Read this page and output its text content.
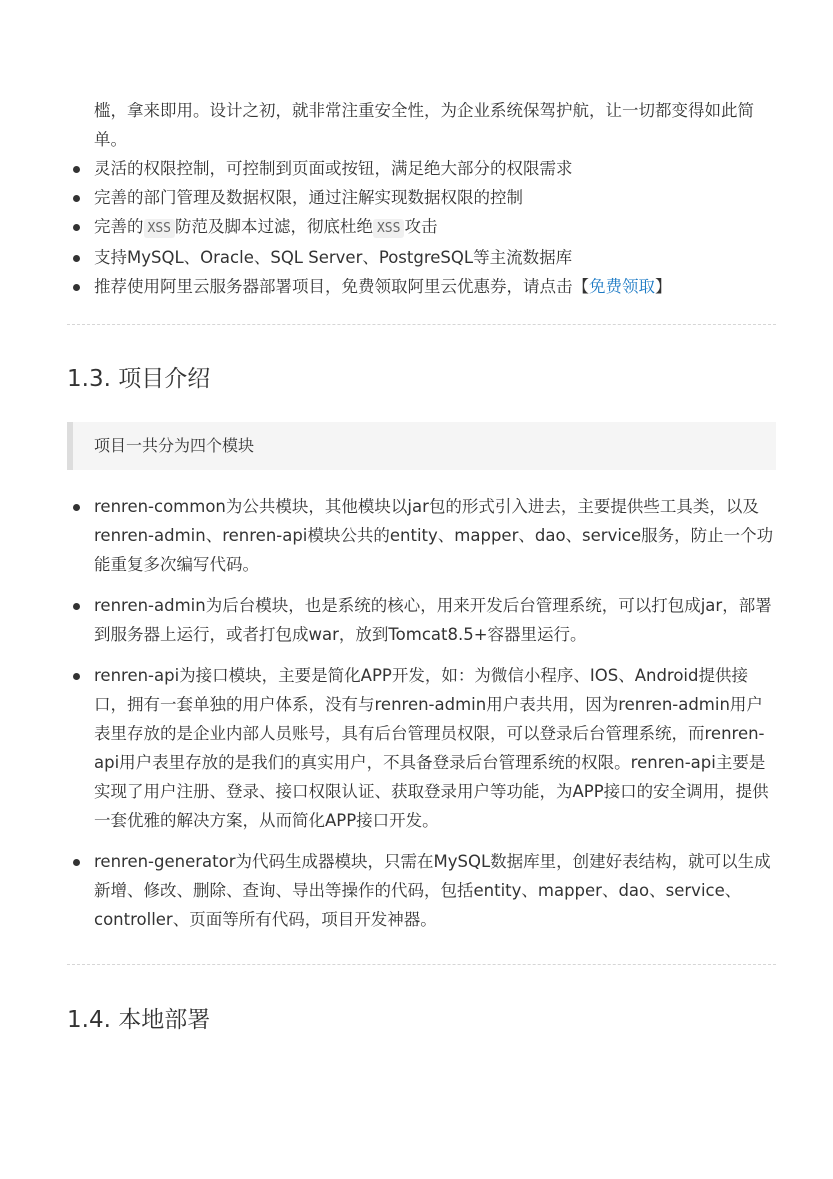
槛，拿来即用。设计之初，就非常注重安全性，为企业系统保驾护航，让一切都变得如此简单。

灵活的权限控制，可控制到页面或按钮，满足绝大部分的权限需求
完善的部门管理及数据权限，通过注解实现数据权限的控制
完善的 XSS 防范及脚本过滤，彻底杜绝 XSS 攻击
支持MySQL、Oracle、SQL Server、PostgreSQL等主流数据库
推荐使用阿里云服务器部署项目，免费领取阿里云优惠券，请点击【免费领取】
1.3. 项目介绍
项目一共分为四个模块
renren-common为公共模块，其他模块以jar包的形式引入进去，主要提供些工具类，以及renren-admin、renren-api模块公共的entity、mapper、dao、service服务，防止一个功能重复多次编写代码。
renren-admin为后台模块，也是系统的核心，用来开发后台管理系统，可以打包成jar，部署到服务器上运行，或者打包成war，放到Tomcat8.5+容器里运行。
renren-api为接口模块，主要是简化APP开发，如：为微信小程序、IOS、Android提供接口，拥有一套单独的用户体系，没有与renren-admin用户表共用，因为renren-admin用户表里存放的是企业内部人员账号，具有后台管理员权限，可以登录后台管理系统，而renren-api用户表里存放的是我们的真实用户，不具备登录后台管理系统的权限。renren-api主要是实现了用户注册、登录、接口权限认证、获取登录用户等功能，为APP接口的安全调用，提供一套优雅的解决方案，从而简化APP接口开发。
renren-generator为代码生成器模块，只需在MySQL数据库里，创建好表结构，就可以生成新增、修改、删除、查询、导出等操作的代码，包括entity、mapper、dao、service、controller、页面等所有代码，项目开发神器。
1.4. 本地部署
